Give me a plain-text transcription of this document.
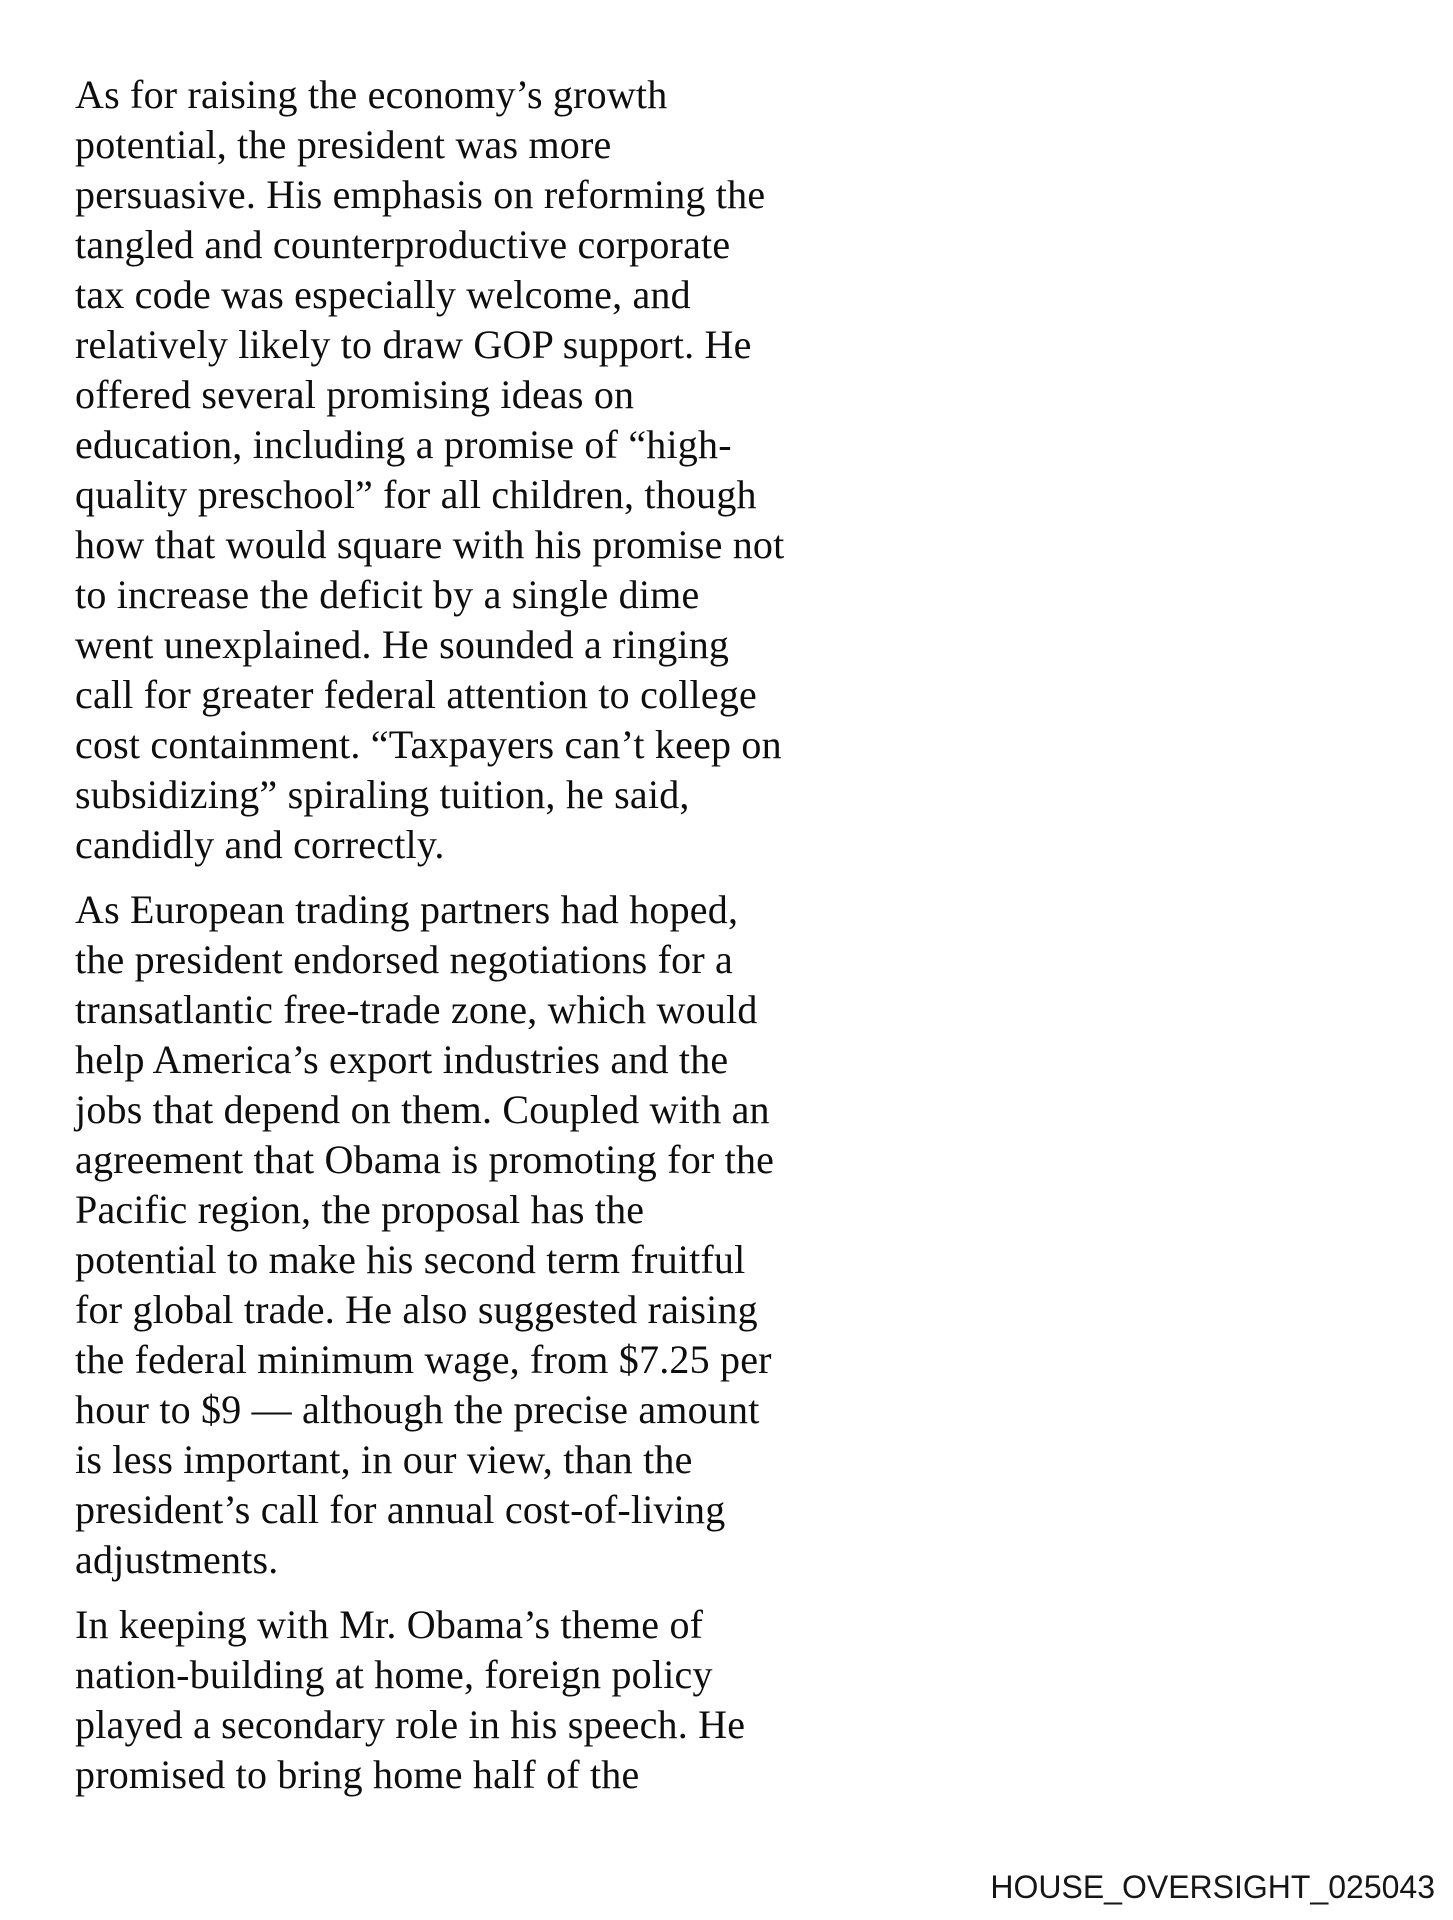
As for raising the economy’s growth
potential, the president was more
persuasive. His emphasis on reforming the
tangled and counterproductive corporate
tax code was especially welcome, and
relatively likely to draw GOP support. He
offered several promising ideas on
education, including a promise of “high-
quality preschool” for all children, though
how that would square with his promise not
to increase the deficit by a single dime
went unexplained. He sounded a ringing
call for greater federal attention to college
cost containment. “Taxpayers can’t keep on
subsidizing” spiraling tuition, he said,
candidly and correctly.
As European trading partners had hoped,
the president endorsed negotiations for a
transatlantic free-trade zone, which would
help America’s export industries and the
jobs that depend on them. Coupled with an
agreement that Obama is promoting for the
Pacific region, the proposal has the
potential to make his second term fruitful
for global trade. He also suggested raising
the federal minimum wage, from $7.25 per
hour to $9 — although the precise amount
is less important, in our view, than the
president’s call for annual cost-of-living
adjustments.
In keeping with Mr. Obama’s theme of
nation-building at home, foreign policy
played a secondary role in his speech. He
promised to bring home half of the
HOUSE_OVERSIGHT_025043
